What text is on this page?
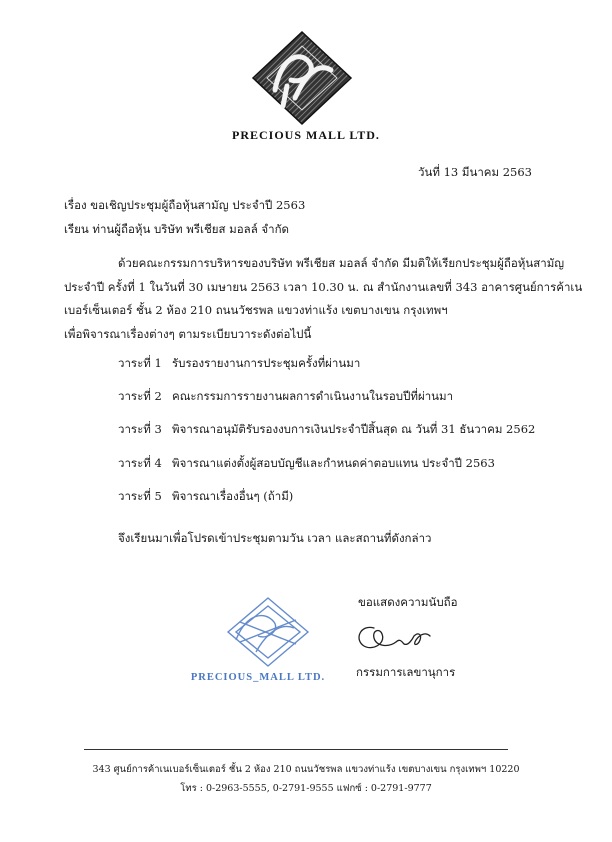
PRECIOUS MALL LTD.
วันที่ 13 มีนาคม 2563
เรื่อง ขอเชิญประชุมผู้ถือหุ้นสามัญ ประจำปี 2563
เรียน ท่านผู้ถือหุ้น บริษัท พรีเชียส มอลล์ จำกัด
ด้วยคณะกรรมการบริหารของบริษัท พรีเชียส มอลล์ จำกัด มีมติให้เรียกประชุมผู้ถือหุ้นสามัญ
ประจำปี ครั้งที่ 1 ในวันที่ 30 เมษายน 2563 เวลา 10.30 น. ณ สำนักงานเลขที่ 343 อาคารศูนย์การค้าเน
เบอร์เซ็นเตอร์ ชั้น 2 ห้อง 210 ถนนวัชรพล แขวงท่าแร้ง เขตบางเขน กรุงเทพฯ
เพื่อพิจารณาเรื่องต่างๆ ตามระเบียบวาระดังต่อไปนี้
วาระที่ 1 รับรองรายงานการประชุมครั้งที่ผ่านมา
วาระที่ 2 คณะกรรมการรายงานผลการดำเนินงานในรอบปีที่ผ่านมา
วาระที่ 3 พิจารณาอนุมัติรับรองงบการเงินประจำปีสิ้นสุด ณ วันที่ 31 ธันวาคม 2562
วาระที่ 4 พิจารณาแต่งตั้งผู้สอบบัญชีและกำหนดค่าตอบแทน ประจำปี 2563
วาระที่ 5 พิจารณาเรื่องอื่นๆ (ถ้ามี)
จึงเรียนมาเพื่อโปรดเข้าประชุมตามวัน เวลา และสถานที่ดังกล่าว
ขอแสดงความนับถือ
กรรมการเลขานุการ
PRECIOUS_MALL LTD.
343 ศูนย์การค้าเนเบอร์เซ็นเตอร์ ชั้น 2 ห้อง 210 ถนนวัชรพล แขวงท่าแร้ง เขตบางเขน กรุงเทพฯ 10220
โทร : 0-2963-5555, 0-2791-9555 แฟกซ์ : 0-2791-9777
